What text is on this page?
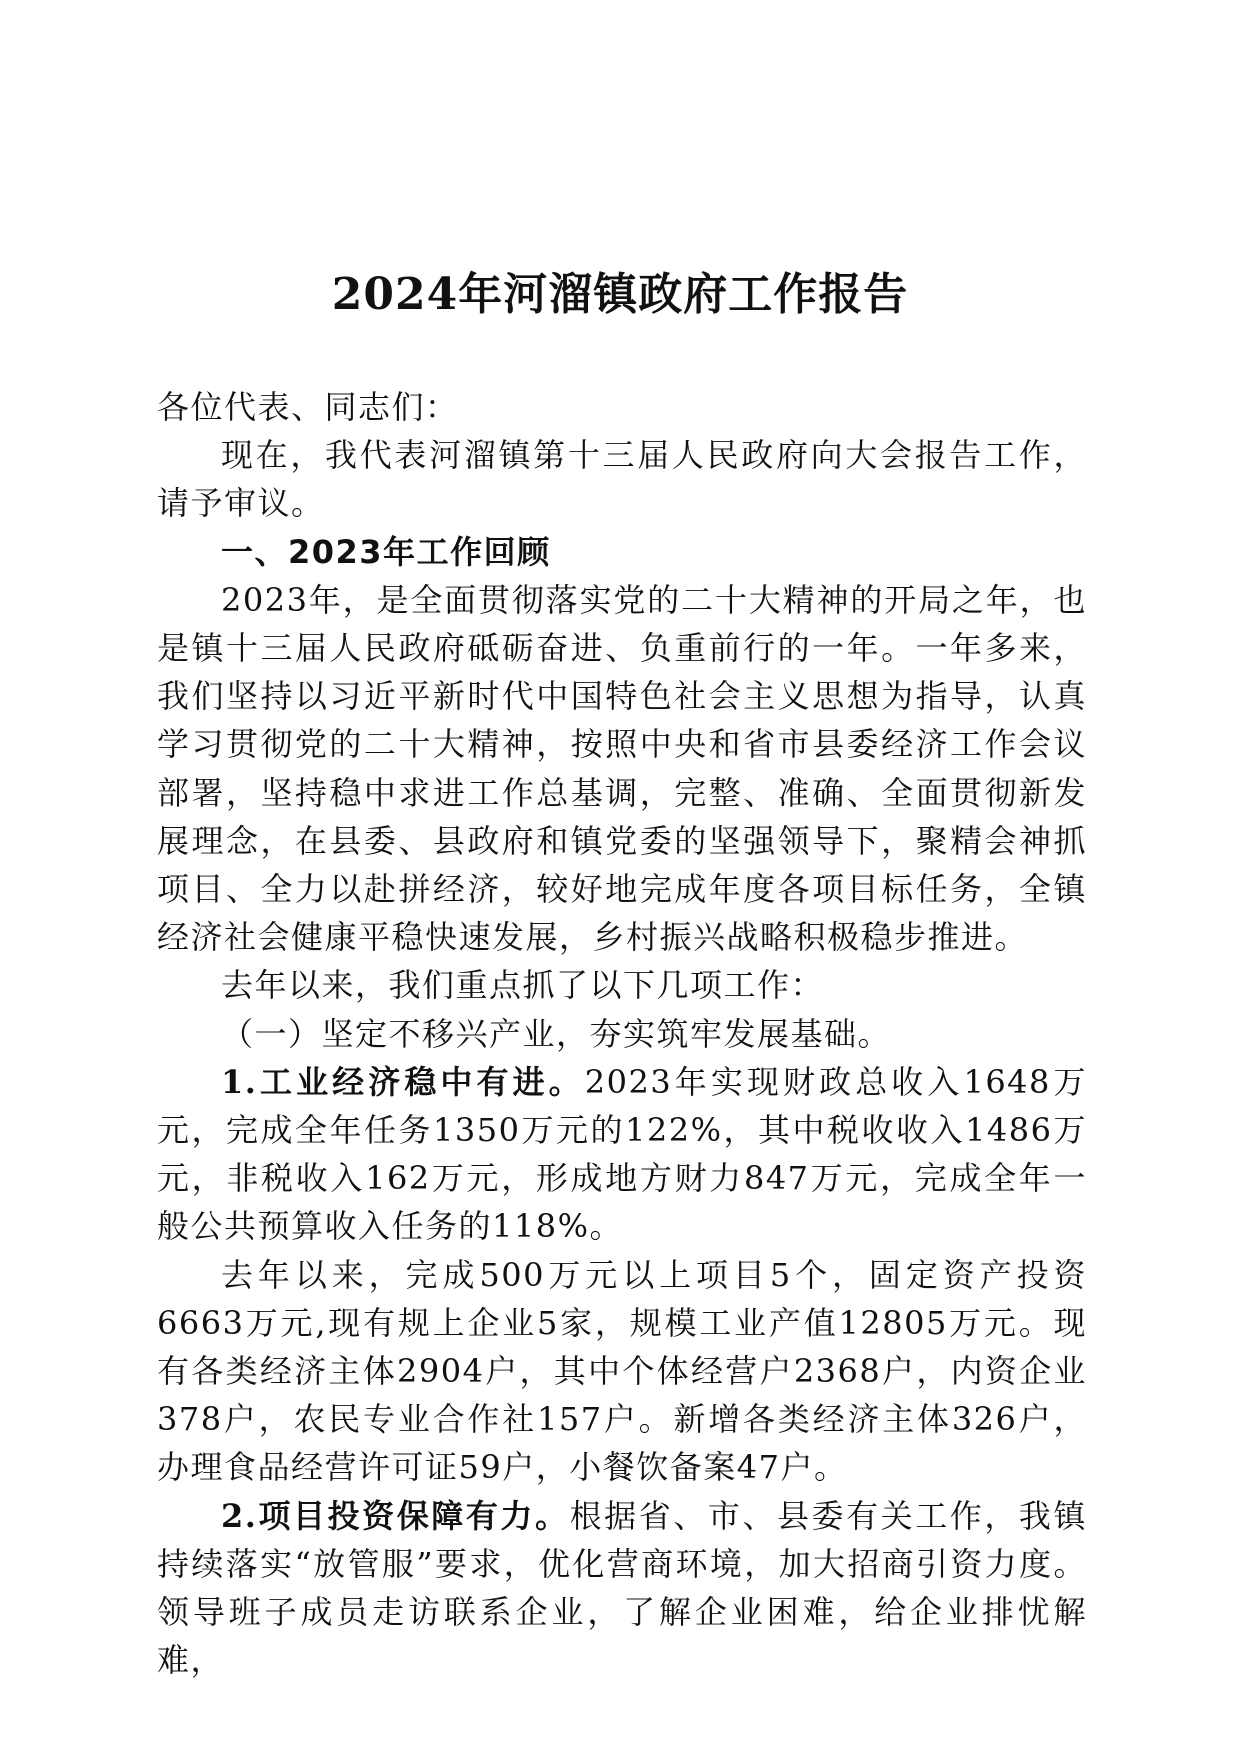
2024年河溜镇政府工作报告

各位代表、同志们：

现在，我代表河溜镇第十三届人民政府向大会报告工作，请予审议。

一、2023年工作回顾

2023年，是全面贯彻落实党的二十大精神的开局之年，也是镇十三届人民政府砥砺奋进、负重前行的一年。一年多来，我们坚持以习近平新时代中国特色社会主义思想为指导，认真学习贯彻党的二十大精神，按照中央和省市县委经济工作会议部署，坚持稳中求进工作总基调，完整、准确、全面贯彻新发展理念，在县委、县政府和镇党委的坚强领导下，聚精会神抓项目、全力以赴拼经济，较好地完成年度各项目标任务，全镇经济社会健康平稳快速发展，乡村振兴战略积极稳步推进。

去年以来，我们重点抓了以下几项工作：

（一）坚定不移兴产业，夯实筑牢发展基础。

1.工业经济稳中有进。2023年实现财政总收入1648万元，完成全年任务1350万元的122%，其中税收收入1486万元，非税收入162万元，形成地方财力847万元，完成全年一般公共预算收入任务的118%。

去年以来，完成500万元以上项目5个，固定资产投资6663万元,现有规上企业5家，规模工业产值12805万元。现有各类经济主体2904户，其中个体经营户2368户，内资企业378户，农民专业合作社157户。新增各类经济主体326户，办理食品经营许可证59户，小餐饮备案47户。

2.项目投资保障有力。根据省、市、县委有关工作，我镇持续落实“放管服”要求，优化营商环境，加大招商引资力度。领导班子成员走访联系企业，了解企业困难，给企业排忧解难，
